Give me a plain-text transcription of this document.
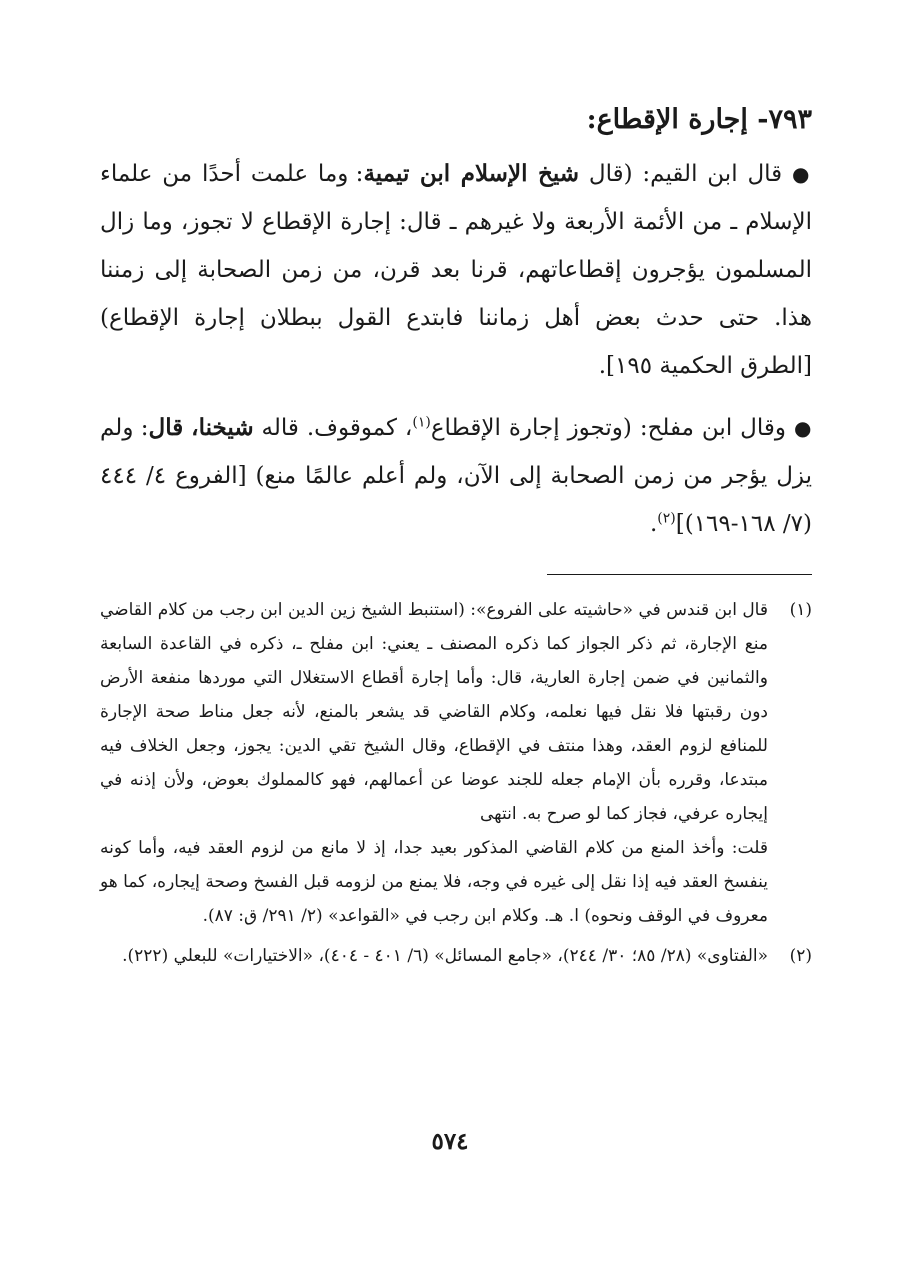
٧٩٣- إجارة الإقطاع:

● قال ابن القيم: (قال شيخ الإسلام ابن تيمية: وما علمت أحدًا من علماء الإسلام ـ من الأئمة الأربعة ولا غيرهم ـ قال: إجارة الإقطاع لا تجوز، وما زال المسلمون يؤجرون إقطاعاتهم، قرنا بعد قرن، من زمن الصحابة إلى زمننا هذا. حتى حدث بعض أهل زماننا فابتدع القول ببطلان إجارة الإقطاع) [الطرق الحكمية ١٩٥].

● وقال ابن مفلح: (وتجوز إجارة الإقطاع$^{(١)}$، كموقوف. قاله شيخنا، قال: ولم يزل يؤجر من زمن الصحابة إلى الآن، ولم أعلم عالمًا منع) [الفروع ٤/ ٤٤٤ (٧/ ١٦٨-١٦٩)]$^{(٢)}$.

(١)

قال ابن قندس في «حاشيته على الفروع»: (استنبط الشيخ زين الدين ابن رجب من كلام القاضي منع الإجارة، ثم ذكر الجواز كما ذكره المصنف ـ يعني: ابن مفلح ـ، ذكره في القاعدة السابعة والثمانين في ضمن إجارة العارية، قال: وأما إجارة أقطاع الاستغلال التي موردها منفعة الأرض دون رقبتها فلا نقل فيها نعلمه، وكلام القاضي قد يشعر بالمنع، لأنه جعل مناط صحة الإجارة للمنافع لزوم العقد، وهذا منتف في الإقطاع، وقال الشيخ تقي الدين: يجوز، وجعل الخلاف فيه مبتدعا، وقرره بأن الإمام جعله للجند عوضا عن أعمالهم، فهو كالمملوك بعوض، ولأن إذنه في إيجاره عرفي، فجاز كما لو صرح به. انتهى

قلت: وأخذ المنع من كلام القاضي المذكور بعيد جدا، إذ لا مانع من لزوم العقد فيه، وأما كونه ينفسخ العقد فيه إذا نقل إلى غيره في وجه، فلا يمنع من لزومه قبل الفسخ وصحة إيجاره، كما هو معروف في الوقف ونحوه) ا. هـ. وكلام ابن رجب في «القواعد» (٢/ ٢٩١/ ق: ٨٧).

(٢)

«الفتاوى» (٢٨/ ٨٥؛ ٣٠/ ٢٤٤)، «جامع المسائل» (٦/ ٤٠١ - ٤٠٤)، «الاختيارات» للبعلي (٢٢٢).

٥٧٤
